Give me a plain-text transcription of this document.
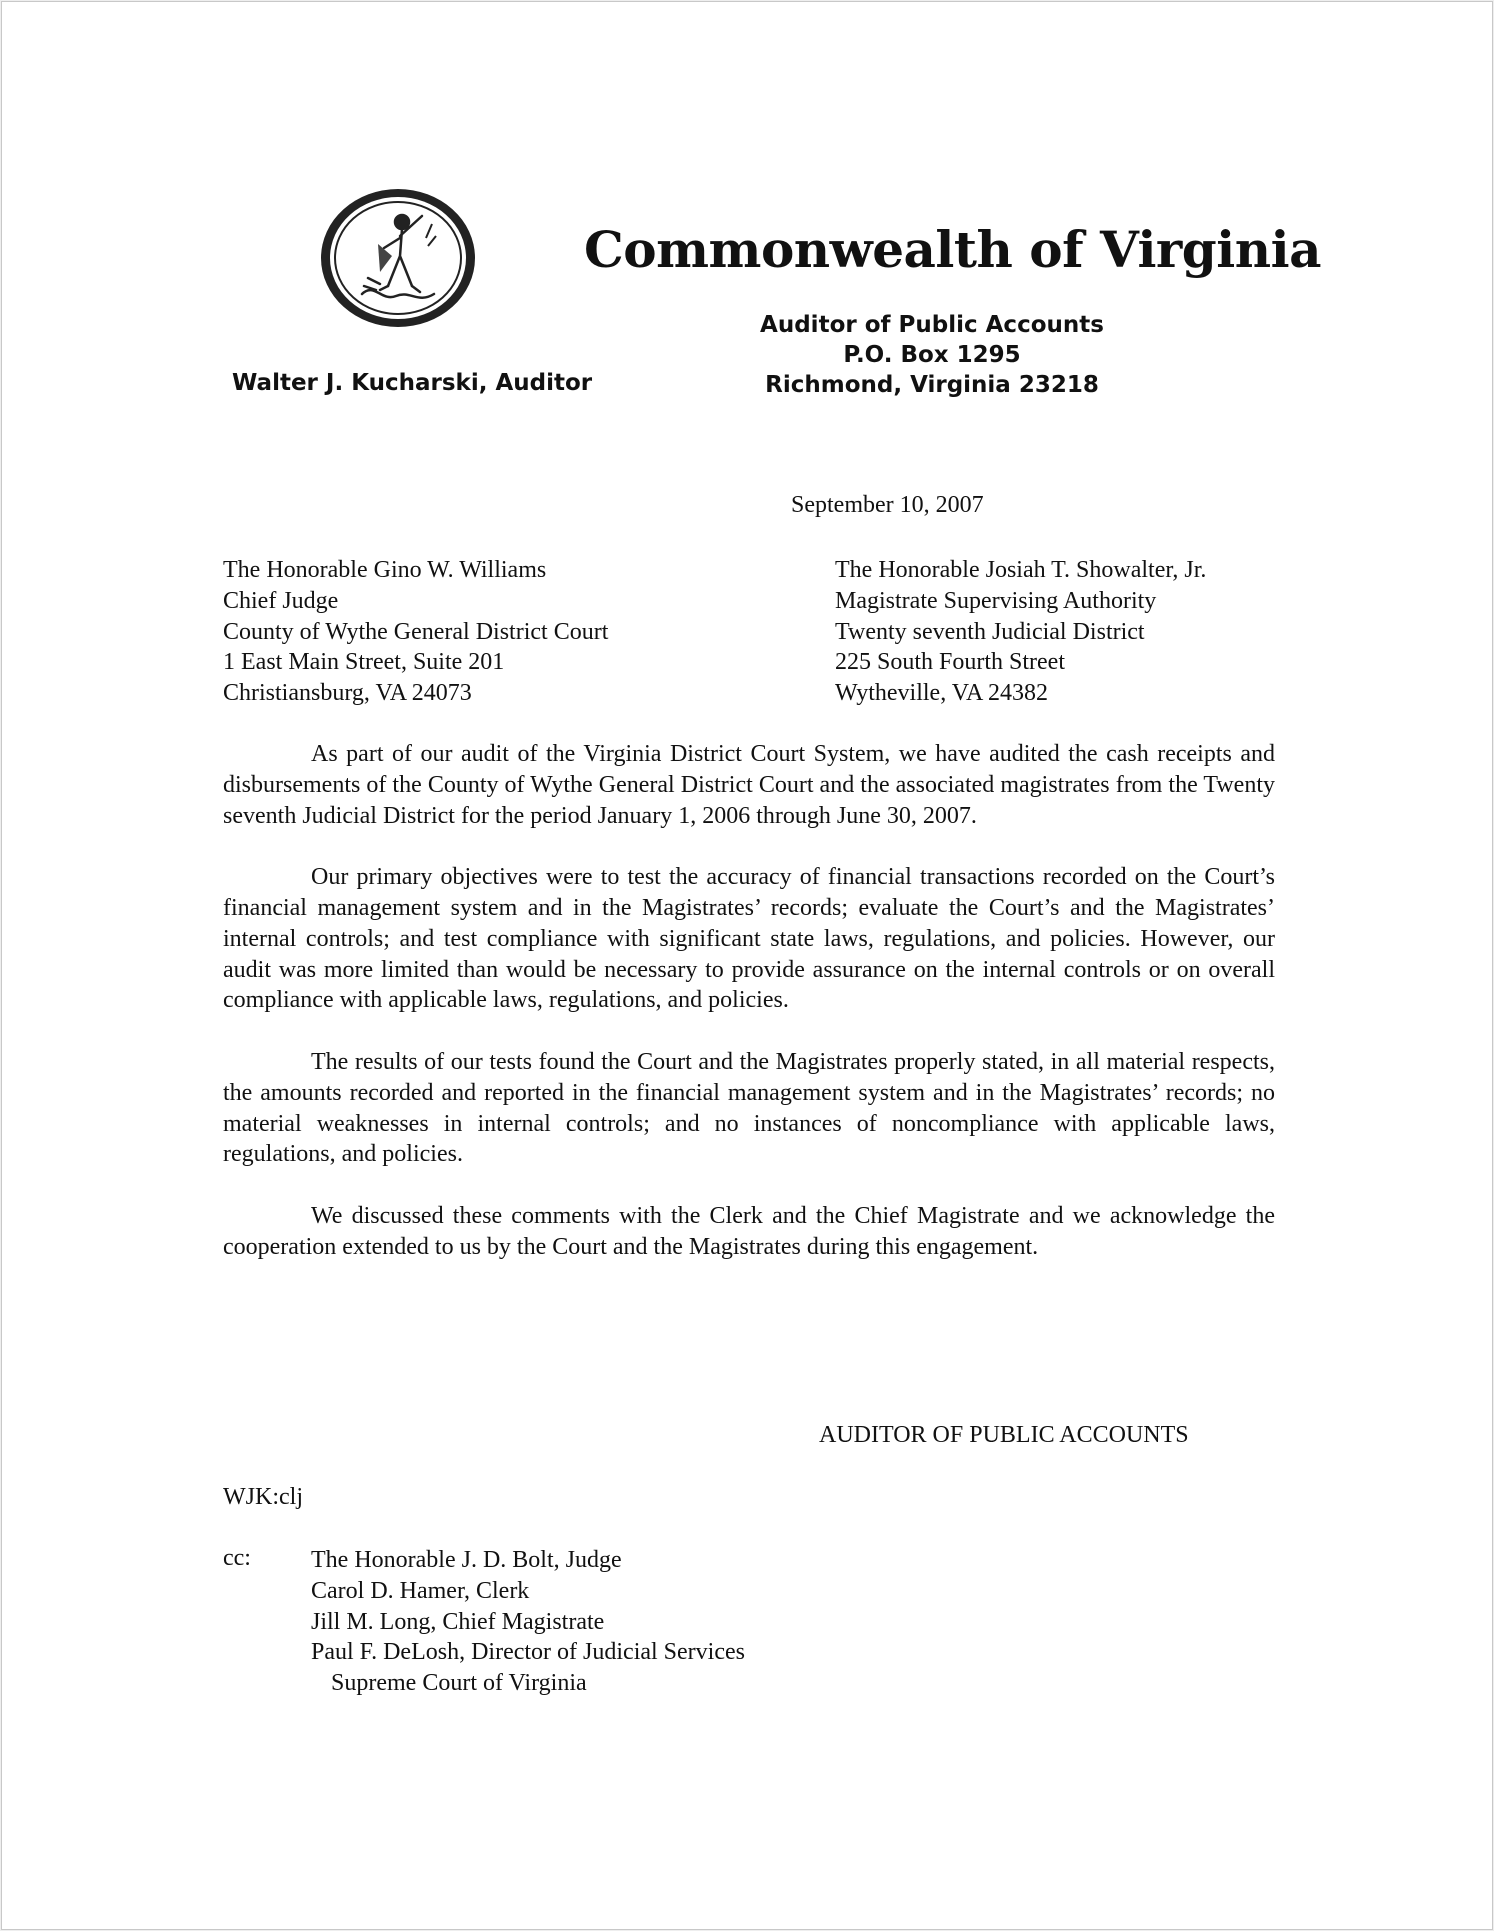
Commonwealth of Virginia
Auditor of Public Accounts
P.O. Box 1295
Richmond, Virginia 23218
Walter J. Kucharski, Auditor
September 10, 2007
The Honorable Gino W. Williams
Chief Judge
County of Wythe General District Court
1 East Main Street, Suite 201
Christiansburg, VA 24073
The Honorable Josiah T. Showalter, Jr.
Magistrate Supervising Authority
Twenty seventh Judicial District
225 South Fourth Street
Wytheville, VA 24382

As part of our audit of the Virginia District Court System, we have audited the cash receipts and disbursements of the County of Wythe General District Court and the associated magistrates from the Twenty seventh Judicial District for the period January 1, 2006 through June 30, 2007.

Our primary objectives were to test the accuracy of financial transactions recorded on the Court’s financial management system and in the Magistrates’ records; evaluate the Court’s and the Magistrates’ internal controls; and test compliance with significant state laws, regulations, and policies. However, our audit was more limited than would be necessary to provide assurance on the internal controls or on overall compliance with applicable laws, regulations, and policies.

The results of our tests found the Court and the Magistrates properly stated, in all material respects, the amounts recorded and reported in the financial management system and in the Magistrates’ records; no material weaknesses in internal controls; and no instances of noncompliance with applicable laws, regulations, and policies.

We discussed these comments with the Clerk and the Chief Magistrate and we acknowledge the cooperation extended to us by the Court and the Magistrates during this engagement.

AUDITOR OF PUBLIC ACCOUNTS
WJK:clj
cc:	The Honorable J. D. Bolt, Judge
Carol D. Hamer, Clerk
Jill M. Long, Chief Magistrate
Paul F. DeLosh, Director of Judicial Services
Supreme Court of Virginia
